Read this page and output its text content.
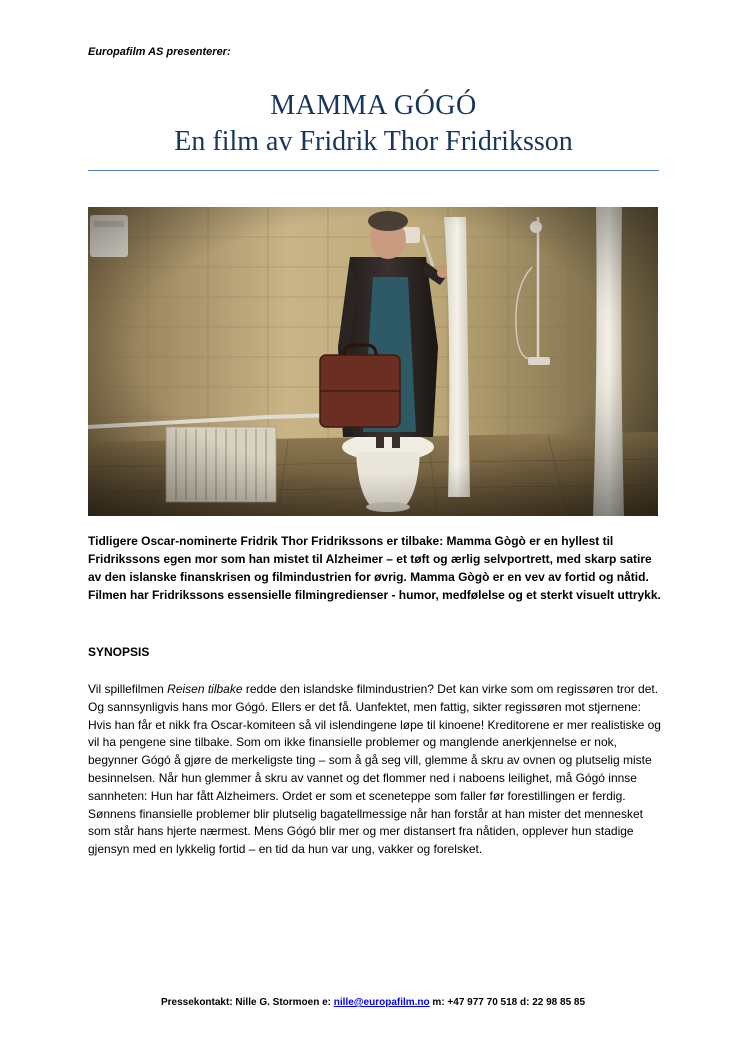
Europafilm AS presenterer:
MAMMA GÓGÓ
En film av Fridrik Thor Fridriksson

Tidligere Oscar-nominerte Fridrik Thor Fridrikssons er tilbake: Mamma Gògò er en hyllest til Fridrikssons egen mor som han mistet til Alzheimer – et tøft og ærlig selvportrett, med skarp satire av den islanske finanskrisen og filmindustrien for øvrig. Mamma Gògò er en vev av fortid og nåtid. Filmen har Fridrikssons essensielle filmingredienser - humor, medfølelse og et sterkt visuelt uttrykk.

SYNOPSIS

Vil spillefilmen Reisen tilbake redde den islandske filmindustrien? Det kan virke som om regissøren tror det. Og sannsynligvis hans mor Gógó. Ellers er det få. Uanfektet, men fattig, sikter regissøren mot stjernene: Hvis han får et nikk fra Oscar-komiteen så vil islendingene løpe til kinoene! Kreditorene er mer realistiske og vil ha pengene sine tilbake. Som om ikke finansielle problemer og manglende anerkjennelse er nok, begynner Gógó å gjøre de merkeligste ting – som å gå seg vill, glemme å skru av ovnen og plutselig miste besinnelsen. Når hun glemmer å skru av vannet og det flommer ned i naboens leilighet, må Gógó innse sannheten: Hun har fått Alzheimers. Ordet er som et sceneteppe som faller før forestillingen er ferdig. Sønnens finansielle problemer blir plutselig bagatellmessige når han forstår at han mister det mennesket som står hans hjerte nærmest. Mens Gógó blir mer og mer distansert fra nåtiden, opplever hun stadige gjensyn med en lykkelig fortid – en tid da hun var ung, vakker og forelsket.

Pressekontakt: Nille G. Stormoen e: nille@europafilm.no m: +47 977 70 518 d: 22 98 85 85
